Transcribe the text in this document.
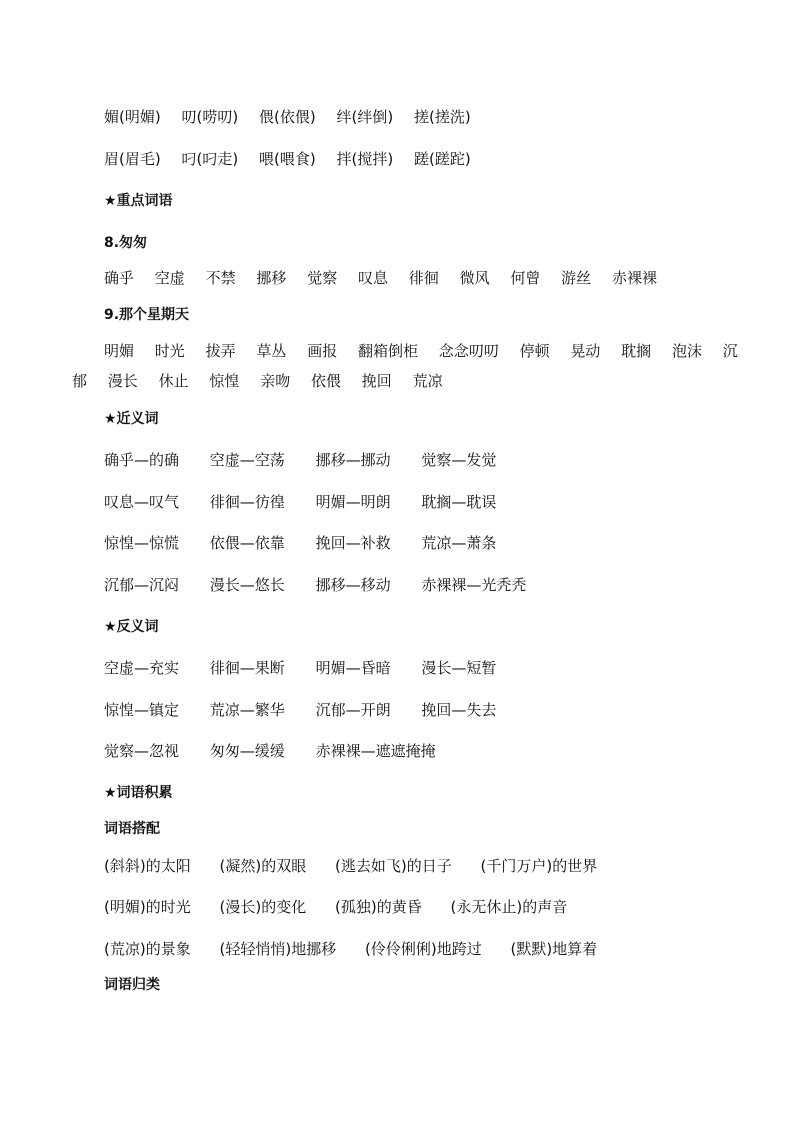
媚(明媚) 叨(唠叨) 偎(依偎) 绊(绊倒) 搓(搓洗)
眉(眉毛) 叼(叼走) 喂(喂食) 拌(搅拌) 蹉(蹉跎)
★重点词语
8.匆匆
确乎 空虚 不禁 挪移 觉察 叹息 徘徊 微风 何曾 游丝 赤裸裸
9.那个星期天
明媚 时光 拔弄 草丛 画报 翻箱倒柜 念念叨叨 停顿 晃动 耽搁 泡沫 沉
郁 漫长 休止 惊惶 亲吻 依偎 挽回 荒凉
★近义词
确乎—的确 空虚—空荡 挪移—挪动 觉察—发觉
叹息—叹气 徘徊—彷徨 明媚—明朗 耽搁—耽误
惊惶—惊慌 依偎—依靠 挽回—补救 荒凉—萧条
沉郁—沉闷 漫长—悠长 挪移—移动 赤裸裸—光秃秃
★反义词
空虚—充实 徘徊—果断 明媚—昏暗 漫长—短暂
惊惶—镇定 荒凉—繁华 沉郁—开朗 挽回—失去
觉察—忽视 匆匆—缓缓 赤裸裸—遮遮掩掩
★词语积累
词语搭配
(斜斜)的太阳 (凝然)的双眼 (逃去如飞)的日子 (千门万户)的世界
(明媚)的时光 (漫长)的变化 (孤独)的黄昏 (永无休止)的声音
(荒凉)的景象 (轻轻悄悄)地挪移 (伶伶俐俐)地跨过 (默默)地算着
词语归类
